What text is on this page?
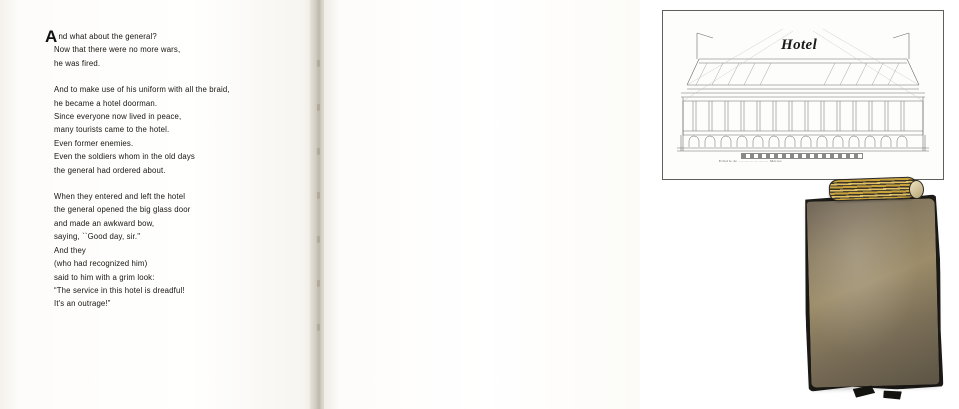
And what about the general?
Now that there were no more wars,
he was fired.
And to make use of his uniform with all the braid,
he became a hotel doorman.
Since everyone now lived in peace,
many tourists came to the hotel.
Even former enemies.
Even the soldiers whom in the old days
the general had ordered about.
When they entered and left the hotel
the general opened the big glass door
and made an awkward bow,
saying, ``Good day, sir.''
And they
(who had recognized him)
said to him with a grim look:
“The service in this hotel is dreadful!
It's an outrage!”
Echelle de …………………… Metres
Hotel
